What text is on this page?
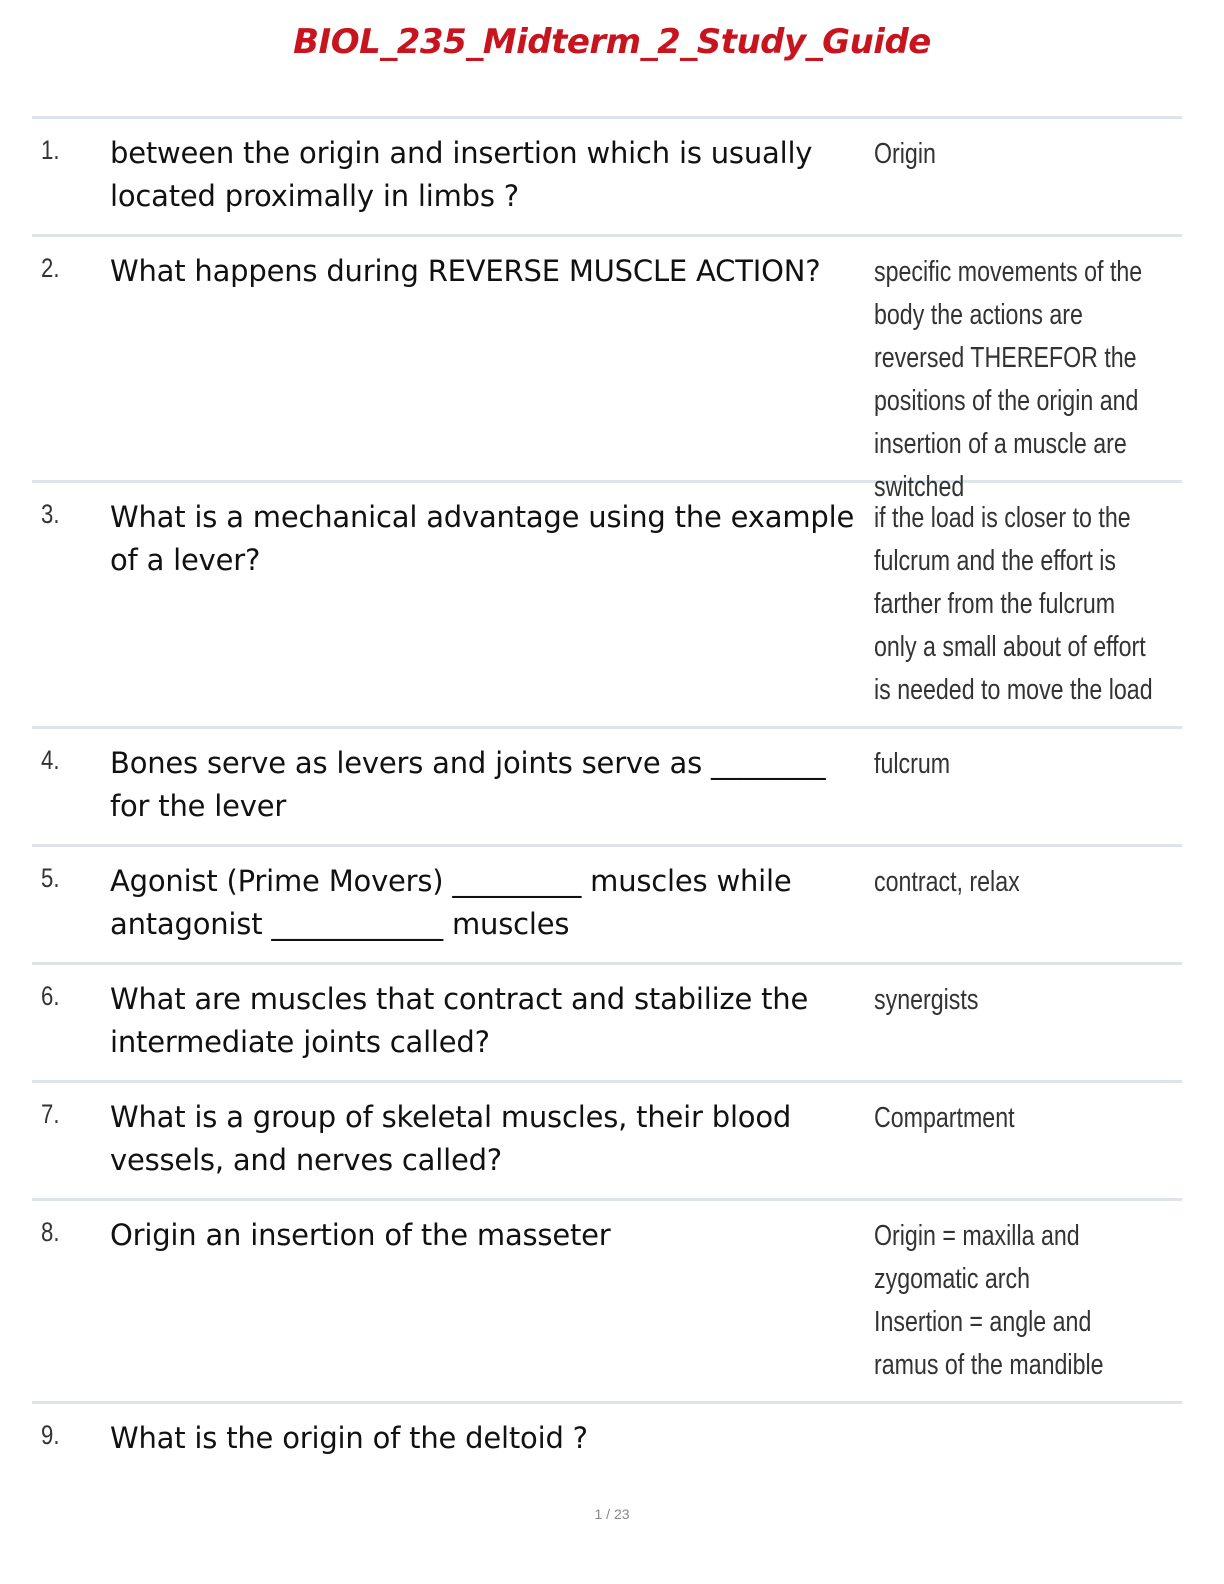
BIOL_235_Midterm_2_Study_Guide
1. between the origin and insertion which is usually located proximally in limbs ?
Origin
2. What happens during REVERSE MUSCLE ACTION?	specific movements of the body the actions are reversed THEREFOR the positions of the origin and insertion of a muscle are switched
3. What is a mechanical advantage using the example of a lever?
if the load is closer to the fulcrum and the effort is farther from the fulcrum only a small about of effort is needed to move the load
4. Bones serve as levers and joints serve as ________ for the lever
fulcrum
5. Agonist (Prime Movers) _________ muscles while antagonist ____________ muscles
contract, relax
6. What are muscles that contract and stabilize the intermediate joints called?
synergists
7. What is a group of skeletal muscles, their blood vessels, and nerves called?
Compartment
8. Origin an insertion of the masseter	Origin = maxilla and zygomatic arch
Insertion = angle and ramus of the mandible
9. What is the origin of the deltoid ?
1 / 23
